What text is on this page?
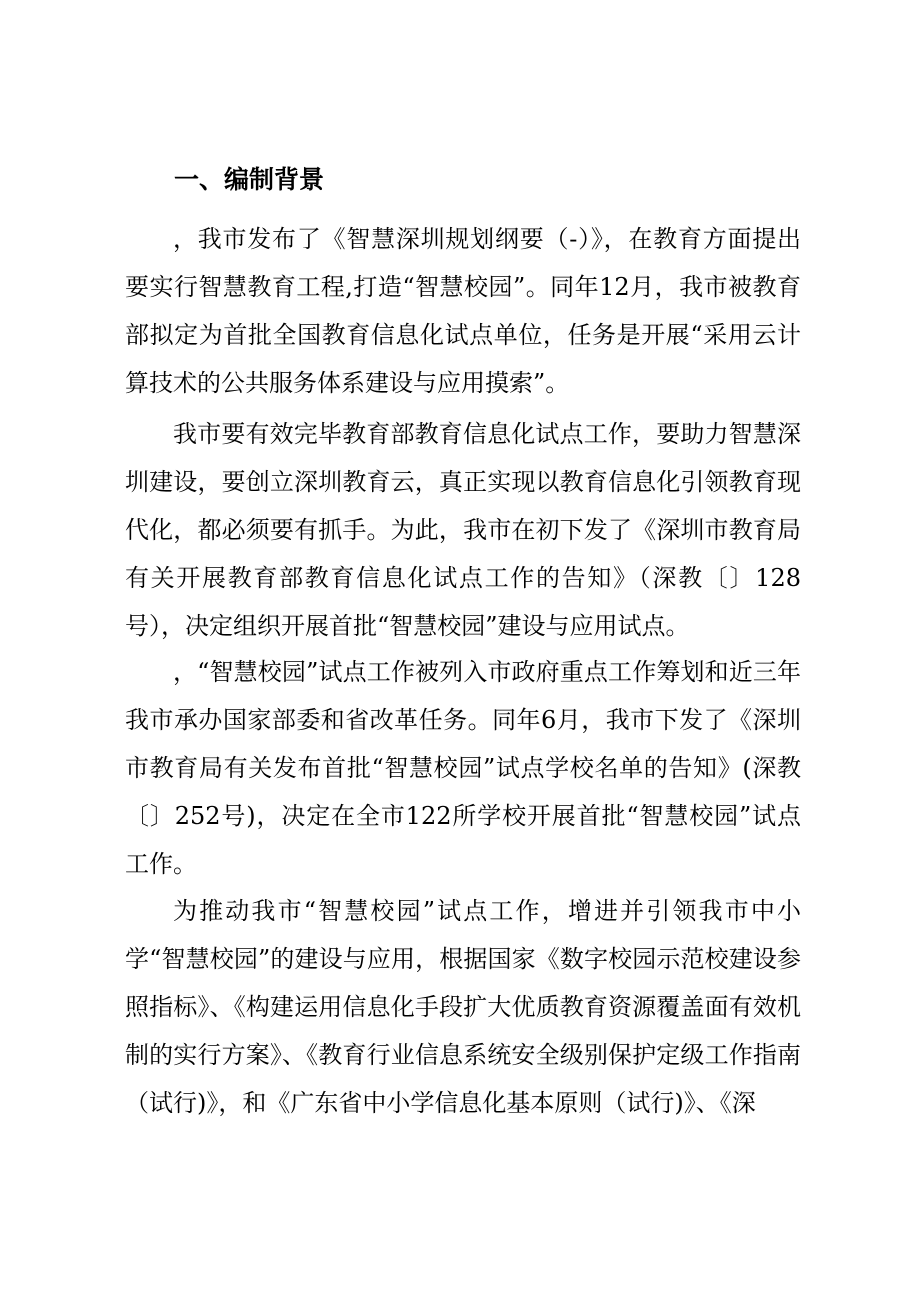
一、编制背景

，我市发布了《智慧深圳规划纲要（-）》，在教育方面提出要实行智慧教育工程,打造“智慧校园”。同年12月，我市被教育部拟定为首批全国教育信息化试点单位，任务是开展“采用云计算技术的公共服务体系建设与应用摸索”。

我市要有效完毕教育部教育信息化试点工作，要助力智慧深圳建设，要创立深圳教育云，真正实现以教育信息化引领教育现代化，都必须要有抓手。为此，我市在初下发了《深圳市教育局有关开展教育部教育信息化试点工作的告知》（深教〔〕128号），决定组织开展首批“智慧校园”建设与应用试点。

，“智慧校园”试点工作被列入市政府重点工作筹划和近三年我市承办国家部委和省改革任务。同年6月，我市下发了《深圳市教育局有关发布首批“智慧校园”试点学校名单的告知》(深教〔〕252号)，决定在全市122所学校开展首批“智慧校园”试点工作。

为推动我市“智慧校园”试点工作，增进并引领我市中小学“智慧校园”的建设与应用，根据国家《数字校园示范校建设参照指标》、《构建运用信息化手段扩大优质教育资源覆盖面有效机制的实行方案》、《教育行业信息系统安全级别保护定级工作指南（试行)》，和《广东省中小学信息化基本原则（试行)》、《深
